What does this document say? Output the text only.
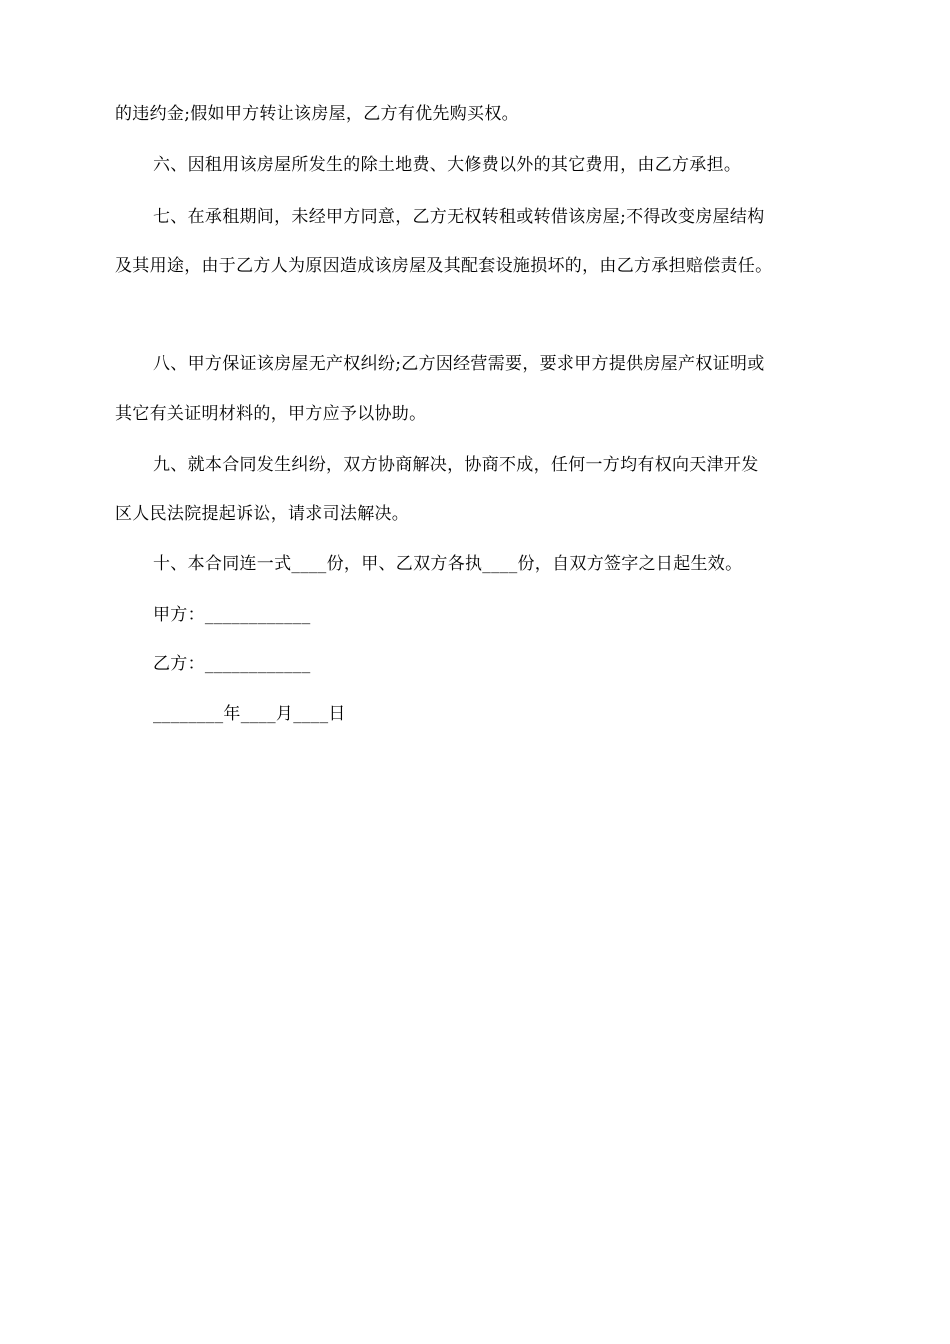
的违约金;假如甲方转让该房屋，乙方有优先购买权。
六、因租用该房屋所发生的除土地费、大修费以外的其它费用，由乙方承担。
七、在承租期间，未经甲方同意，乙方无权转租或转借该房屋;不得改变房屋结构
及其用途，由于乙方人为原因造成该房屋及其配套设施损坏的，由乙方承担赔偿责任。
八、甲方保证该房屋无产权纠纷;乙方因经营需要，要求甲方提供房屋产权证明或
其它有关证明材料的，甲方应予以协助。
九、就本合同发生纠纷，双方协商解决，协商不成，任何一方均有权向天津开发
区人民法院提起诉讼，请求司法解决。
十、本合同连一式____份，甲、乙双方各执____份，自双方签字之日起生效。
甲方：____________
乙方：____________
________年____月____日
